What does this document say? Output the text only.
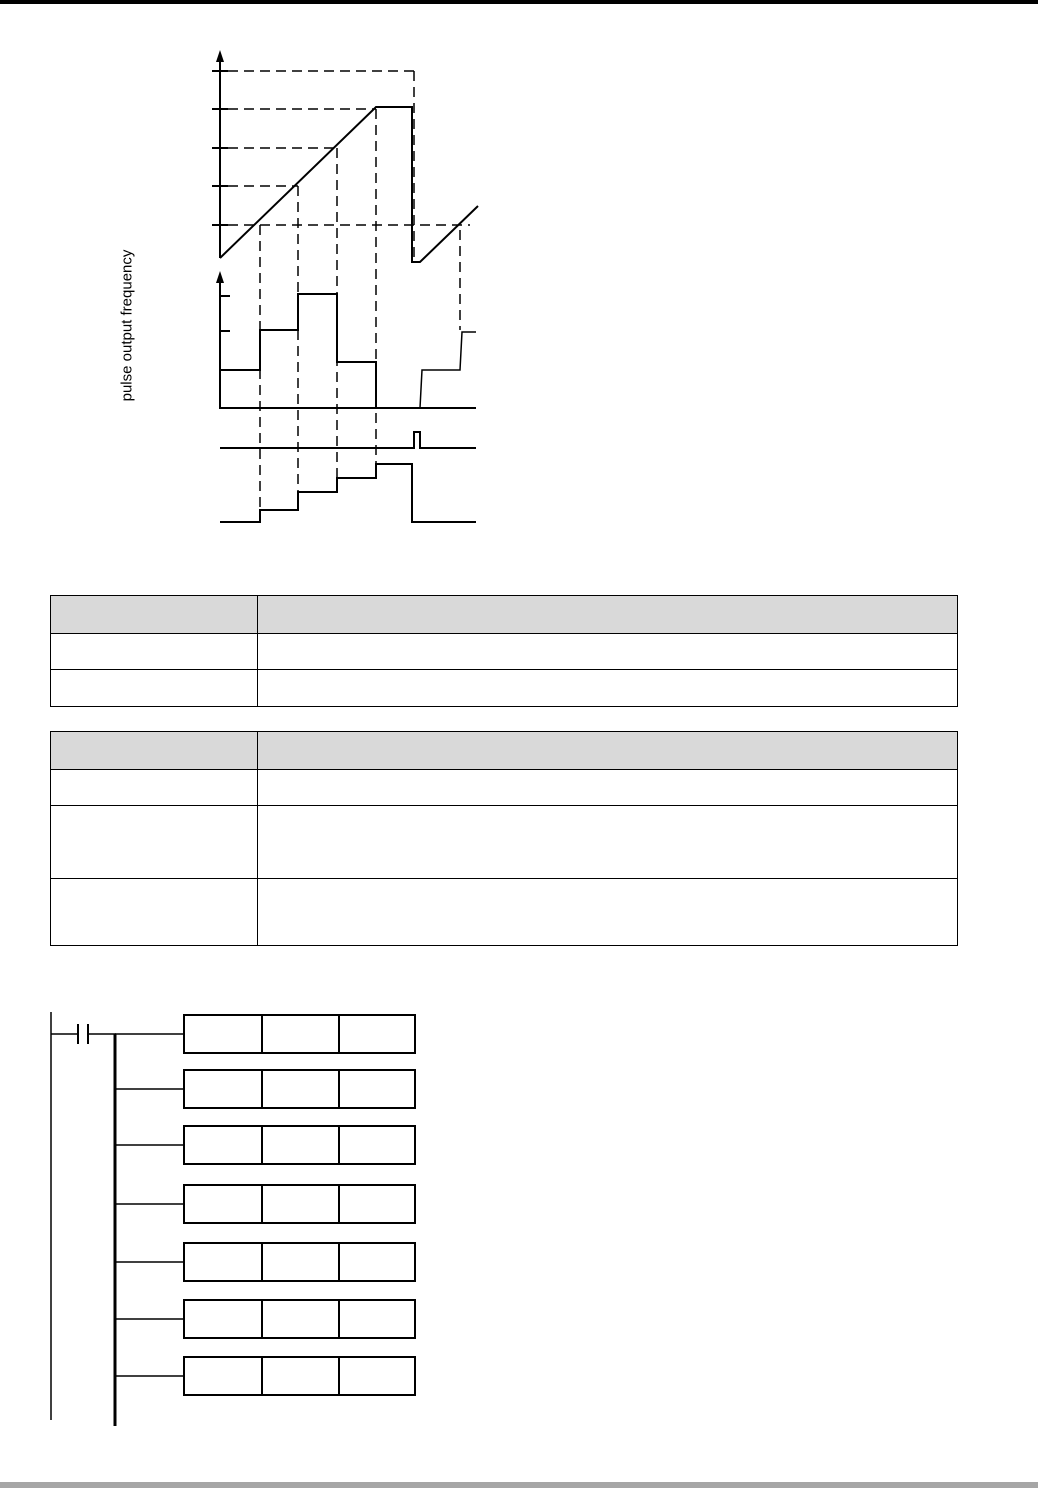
pulse output frequency
